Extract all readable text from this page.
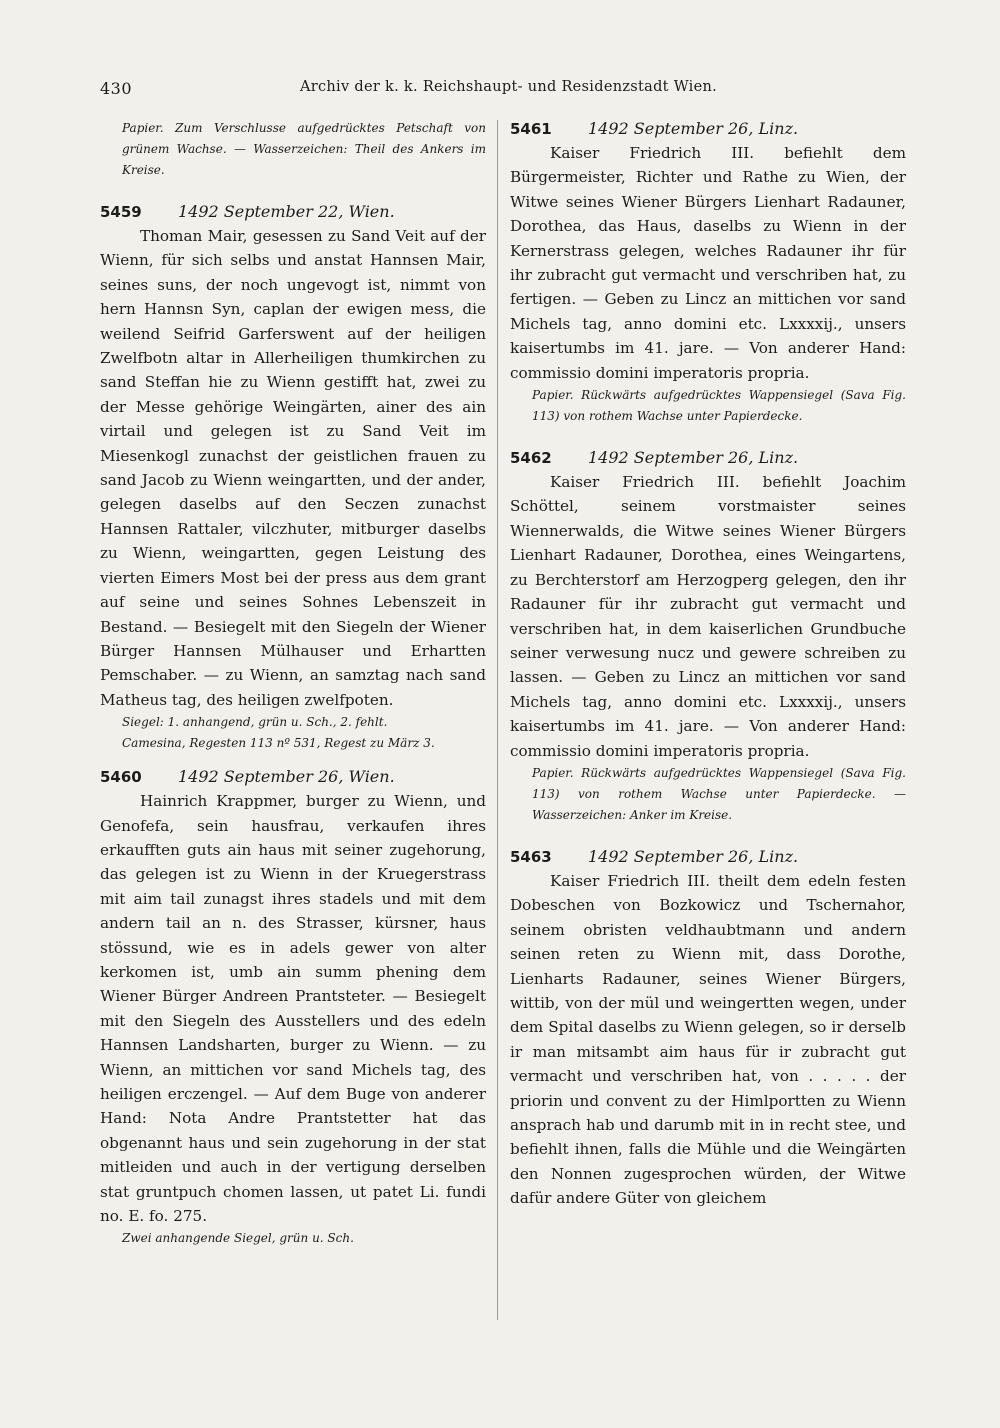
430	Archiv der k. k. Reichshaupt- und Residenzstadt Wien.

Papier. Zum Verschlusse aufgedrücktes Petschaft von grünem Wachse. — Wasserzeichen: Theil des Ankers im Kreise.

5459 1492 September 22, Wien.

Thoman Mair, gesessen zu Sand Veit auf der Wienn, für sich selbs und anstat Hannsen Mair, seines suns, der noch ungevogt ist, nimmt von hern Hannsn Syn, caplan der ewigen mess, die weilend Seifrid Garferswent auf der heiligen Zwelfbotn altar in Allerheiligen thumkirchen zu sand Steffan hie zu Wienn gestifft hat, zwei zu der Messe gehörige Weingärten, ainer des ain virtail und gelegen ist zu Sand Veit im Miesenkogl zunachst der geistlichen frauen zu sand Jacob zu Wienn weingartten, und der ander, gelegen daselbs auf den Seczen zunachst Hannsen Rattaler, vilczhuter, mitburger daselbs zu Wienn, weingartten, gegen Leistung des vierten Eimers Most bei der press aus dem grant auf seine und seines Sohnes Lebenszeit in Bestand. — Besiegelt mit den Siegeln der Wiener Bürger Hannsen Mülhauser und Erhartten Pemschaber. — zu Wienn, an samztag nach sand Matheus tag, des heiligen zwelfpoten.

Siegel: 1. anhangend, grün u. Sch., 2. fehlt.

Camesina, Regesten 113 nº 531, Regest zu März 3.

5460 1492 September 26, Wien.

Hainrich Krappmer, burger zu Wienn, und Genofefa, sein hausfrau, verkaufen ihres erkaufften guts ain haus mit seiner zugehorung, das gelegen ist zu Wienn in der Kruegerstrass mit aim tail zunagst ihres stadels und mit dem andern tail an n. des Strasser, kürsner, haus stössund, wie es in adels gewer von alter kerkomen ist, umb ain summ phening dem Wiener Bürger Andreen Prantsteter. — Besiegelt mit den Siegeln des Ausstellers und des edeln Hannsen Landsharten, burger zu Wienn. — zu Wienn, an mittichen vor sand Michels tag, des heiligen erczengel. — Auf dem Buge von anderer Hand: Nota Andre Prantstetter hat das obgenannt haus und sein zugehorung in der stat mitleiden und auch in der vertigung derselben stat gruntpuch chomen lassen, ut patet Li. fundi no. E. fo. 275.

Zwei anhangende Siegel, grün u. Sch.

5461 1492 September 26, Linz.

Kaiser Friedrich III. befiehlt dem Bürgermeister, Richter und Rathe zu Wien, der Witwe seines Wiener Bürgers Lienhart Radauner, Dorothea, das Haus, daselbs zu Wienn in der Kernerstrass gelegen, welches Radauner ihr für ihr zubracht gut vermacht und verschriben hat, zu fertigen. — Geben zu Lincz an mittichen vor sand Michels tag, anno domini etc. Lxxxxij., unsers kaisertumbs im 41. jare. — Von anderer Hand: commissio domini imperatoris propria.

Papier. Rückwärts aufgedrücktes Wappensiegel (Sava Fig. 113) von rothem Wachse unter Papierdecke.

5462 1492 September 26, Linz.

Kaiser Friedrich III. befiehlt Joachim Schöttel, seinem vorstmaister seines Wiennerwalds, die Witwe seines Wiener Bürgers Lienhart Radauner, Dorothea, eines Weingartens, zu Berchterstorf am Herzogperg gelegen, den ihr Radauner für ihr zubracht gut vermacht und verschriben hat, in dem kaiserlichen Grundbuche seiner verwesung nucz und gewere schreiben zu lassen. — Geben zu Lincz an mittichen vor sand Michels tag, anno domini etc. Lxxxxij., unsers kaisertumbs im 41. jare. — Von anderer Hand: commissio domini imperatoris propria.

Papier. Rückwärts aufgedrücktes Wappensiegel (Sava Fig. 113) von rothem Wachse unter Papierdecke. — Wasserzeichen: Anker im Kreise.

5463 1492 September 26, Linz.

Kaiser Friedrich III. theilt dem edeln festen Dobeschen von Bozkowicz und Tschernahor, seinem obristen veldhaubtmann und andern seinen reten zu Wienn mit, dass Dorothe, Lienharts Radauner, seines Wiener Bürgers, wittib, von der mül und weingertten wegen, under dem Spital daselbs zu Wienn gelegen, so ir derselb ir man mitsambt aim haus für ir zubracht gut vermacht und verschriben hat, von . . . . . der priorin und convent zu der Himlportten zu Wienn ansprach hab und darumb mit in in recht stee, und befiehlt ihnen, falls die Mühle und die Weingärten den Nonnen zugesprochen würden, der Witwe dafür andere Güter von gleichem
